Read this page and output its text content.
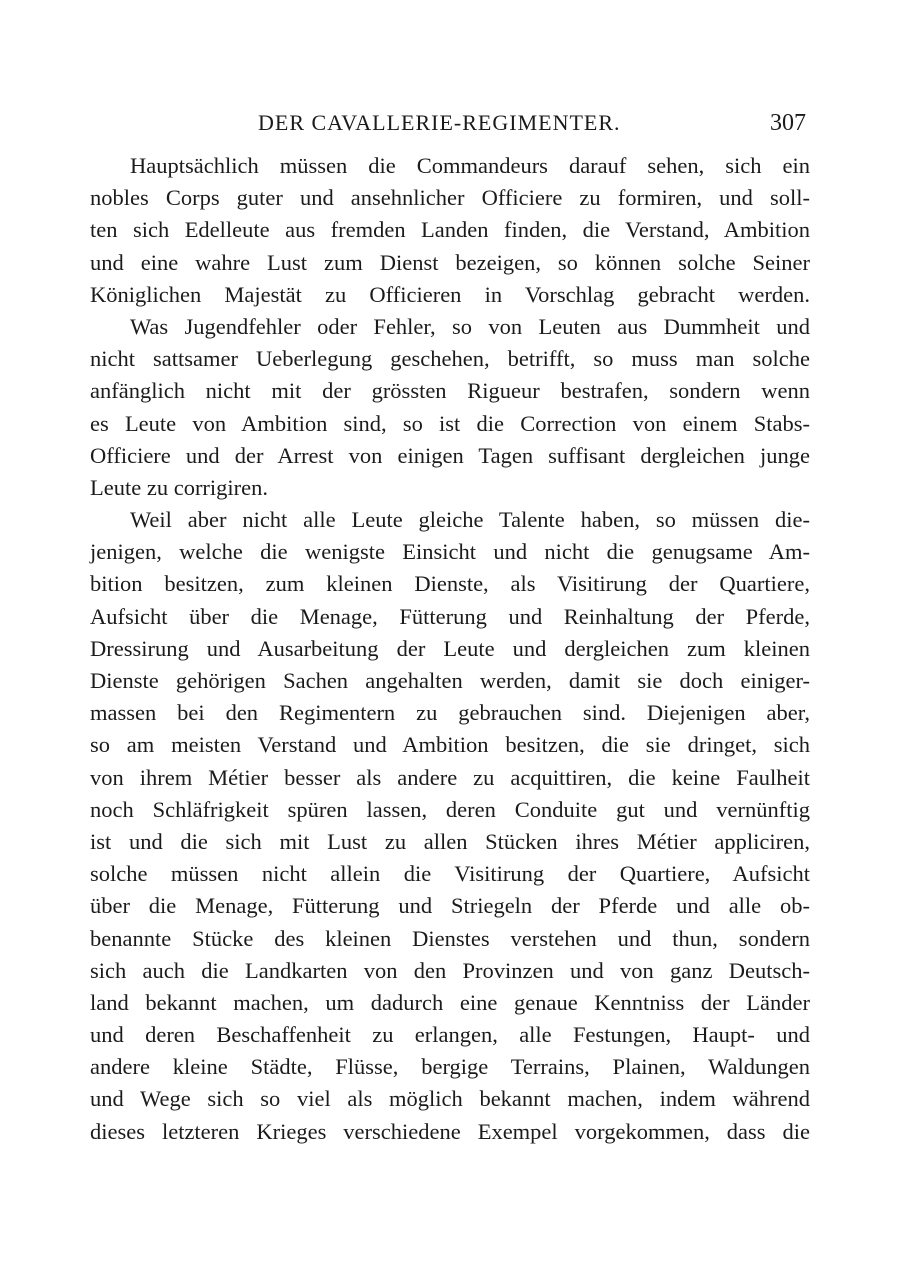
DER CAVALLERIE-REGIMENTER.	307
Hauptsächlich müssen die Commandeurs darauf sehen, sich ein
nobles Corps guter und ansehnlicher Officiere zu formiren, und soll-
ten sich Edelleute aus fremden Landen finden, die Verstand, Ambition
und eine wahre Lust zum Dienst bezeigen, so können solche Seiner
Königlichen Majestät zu Officieren in Vorschlag gebracht werden.
Was Jugendfehler oder Fehler, so von Leuten aus Dummheit und
nicht sattsamer Ueberlegung geschehen, betrifft, so muss man solche
anfänglich nicht mit der grössten Rigueur bestrafen, sondern wenn
es Leute von Ambition sind, so ist die Correction von einem Stabs-
Officiere und der Arrest von einigen Tagen suffisant dergleichen junge
Leute zu corrigiren.
Weil aber nicht alle Leute gleiche Talente haben, so müssen die-
jenigen, welche die wenigste Einsicht und nicht die genugsame Am-
bition besitzen, zum kleinen Dienste, als Visitirung der Quartiere,
Aufsicht über die Menage, Fütterung und Reinhaltung der Pferde,
Dressirung und Ausarbeitung der Leute und dergleichen zum kleinen
Dienste gehörigen Sachen angehalten werden, damit sie doch einiger-
massen bei den Regimentern zu gebrauchen sind. Diejenigen aber,
so am meisten Verstand und Ambition besitzen, die sie dringet, sich
von ihrem Métier besser als andere zu acquittiren, die keine Faulheit
noch Schläfrigkeit spüren lassen, deren Conduite gut und vernünftig
ist und die sich mit Lust zu allen Stücken ihres Métier appliciren,
solche müssen nicht allein die Visitirung der Quartiere, Aufsicht
über die Menage, Fütterung und Striegeln der Pferde und alle ob-
benannte Stücke des kleinen Dienstes verstehen und thun, sondern
sich auch die Landkarten von den Provinzen und von ganz Deutsch-
land bekannt machen, um dadurch eine genaue Kenntniss der Länder
und deren Beschaffenheit zu erlangen, alle Festungen, Haupt- und
andere kleine Städte, Flüsse, bergige Terrains, Plainen, Waldungen
und Wege sich so viel als möglich bekannt machen, indem während
dieses letzteren Krieges verschiedene Exempel vorgekommen, dass die
